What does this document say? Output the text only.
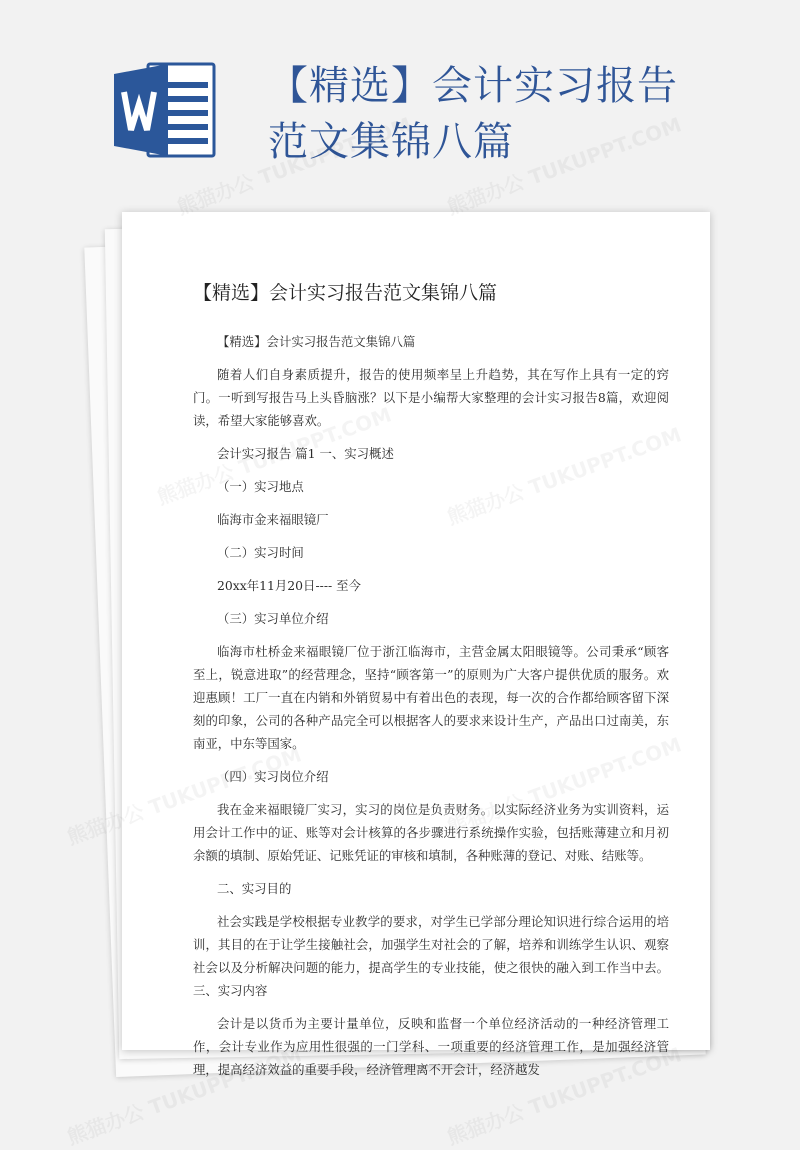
【精选】会计实习报告
范文集锦八篇
【精选】会计实习报告范文集锦八篇

【精选】会计实习报告范文集锦八篇

随着人们自身素质提升，报告的使用频率呈上升趋势，其在写作上具有一定的窍门。一听到写报告马上头昏脑涨？以下是小编帮大家整理的会计实习报告8篇，欢迎阅读，希望大家能够喜欢。

会计实习报告 篇1 一、实习概述

（一）实习地点

临海市金来福眼镜厂

（二）实习时间

20xx年11月20日---- 至今

（三）实习单位介绍

临海市杜桥金来福眼镜厂位于浙江临海市，主营金属太阳眼镜等。公司秉承“顾客至上，锐意进取”的经营理念，坚持“顾客第一”的原则为广大客户提供优质的服务。欢迎惠顾！工厂一直在内销和外销贸易中有着出色的表现，每一次的合作都给顾客留下深刻的印象，公司的各种产品完全可以根据客人的要求来设计生产，产品出口过南美，东南亚，中东等国家。

（四）实习岗位介绍

我在金来福眼镜厂实习，实习的岗位是负责财务。以实际经济业务为实训资料，运用会计工作中的证、账等对会计核算的各步骤进行系统操作实验，包括账薄建立和月初余额的填制、原始凭证、记账凭证的审核和填制，各种账薄的登记、对账、结账等。

二、实习目的

社会实践是学校根据专业教学的要求，对学生已学部分理论知识进行综合运用的培训，其目的在于让学生接触社会，加强学生对社会的了解，培养和训练学生认识、观察社会以及分析解决问题的能力，提高学生的专业技能，使之很快的融入到工作当中去。 三、实习内容

会计是以货币为主要计量单位，反映和监督一个单位经济活动的一种经济管理工作，会计专业作为应用性很强的一门学科、一项重要的经济管理工作，是加强经济管理，提高经济效益的重要手段，经济管理离不开会计，经济越发
